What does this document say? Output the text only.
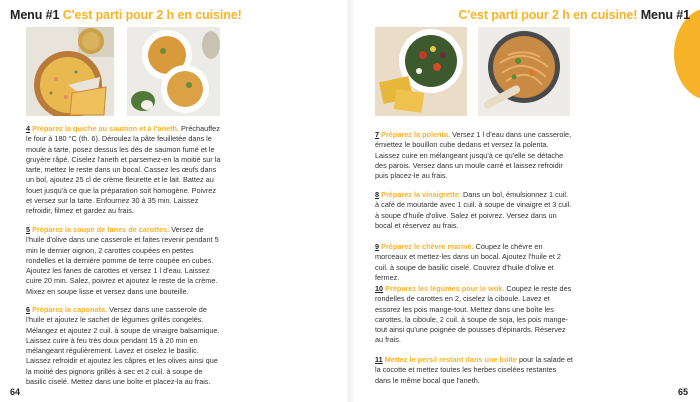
Menu #1 C'est parti pour 2 h en cuisine!	C'est parti pour 2 h en cuisine! Menu #1
4 Préparez la quiche au saumon et à l'aneth. Préchauffez le four à 180 °C (th. 6). Déroulez la pâte feuilletée dans le moule à tarte, posez dessus les dés de saumon fumé et le gruyère râpé. Ciselez l'aneth et parsemez-en la moitié sur la tarte, mettez le reste dans un bocal. Cassez les œufs dans un bol, ajoutez 25 cl de crème fleurette et le lait. Battez au fouet jusqu'à ce que la préparation soit homogène. Poivrez et versez sur la tarte. Enfournez 30 à 35 min. Laissez refroidir, filmez et gardez au frais.
5 Préparez la soupe de fanes de carottes. Versez de l'huile d'olive dans une casserole et faites revenir pendant 5 min le dernier oignon, 2 carottes coupées en petites rondelles et la dernière pomme de terre coupée en cubes. Ajoutez les fanes de carottes et versez 1 l d'eau. Laissez cuire 20 min. Salez, poivrez et ajoutez le reste de la crème. Mixez en soupe lisse et versez dans une bouteille.
6 Préparez la caponata. Versez dans une casserole de l'huile et ajoutez le sachet de légumes grillés congelés. Mélangez et ajoutez 2 cuil. à soupe de vinaigre balsamique. Laissez cuire à feu très doux pendant 15 à 20 min en mélangeant régulièrement. Lavez et ciselez le basilic. Laissez refroidir et ajoutez les câpres et les olives ainsi que la moitié des pignons grillés à sec et 2 cuil. à soupe de basilic ciselé. Mettez dans une boîte et placez-la au frais.
7 Préparez la polenta. Versez 1 l d'eau dans une casserole, émiettez le bouillon cube dedans et versez la polenta. Laissez cuire en mélangeant jusqu'à ce qu'elle se détache des parois. Versez dans un moule carré et laissez refroidir puis placez-le au frais.
8 Préparez la vinaigrette. Dans un bol, émulsionnez 1 cuil. à café de moutarde avec 1 cuil. à soupe de vinaigre et 3 cuil. à soupe d'huile d'olive. Salez et poivrez. Versez dans un bocal et réservez au frais.
9 Préparez le chèvre mariné. Coupez le chèvre en morceaux et mettez-les dans un bocal. Ajoutez l'huile et 2 cuil. à soupe de basilic ciselé. Couvrez d'huile d'olive et fermez.
10 Préparez les légumes pour le wok. Coupez le reste des rondelles de carottes en 2, ciselez la ciboule. Lavez et essorez les pois mange-tout. Mettez dans une boîte les carottes, la ciboule, 2 cuil. à soupe de soja, les pois mange-tout ainsi qu'une poignée de pousses d'épinards. Réservez au frais.
11 Mettez le persil restant dans une boîte pour la salade et la cocotte et mettez toutes les herbes ciselées restantes dans le même bocal que l'aneth.
64	65
